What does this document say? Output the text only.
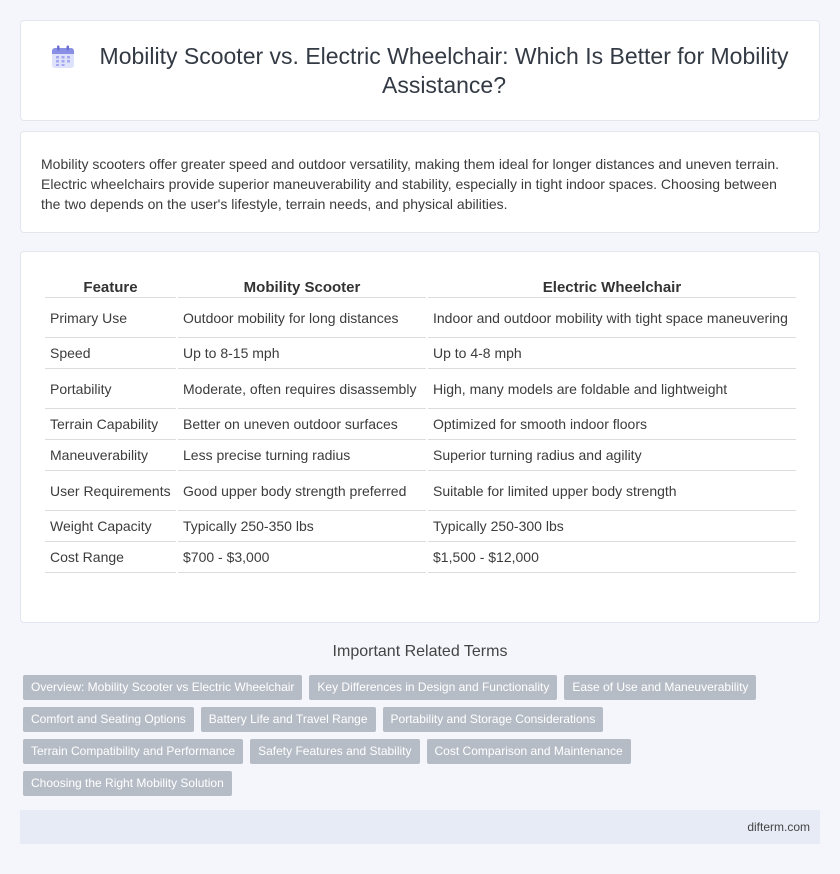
Mobility Scooter vs. Electric Wheelchair: Which Is Better for Mobility Assistance?

Mobility scooters offer greater speed and outdoor versatility, making them ideal for longer distances and uneven terrain. Electric wheelchairs provide superior maneuverability and stability, especially in tight indoor spaces. Choosing between the two depends on the user's lifestyle, terrain needs, and physical abilities.

Feature	Mobility Scooter	Electric Wheelchair
Primary Use	Outdoor mobility for long distances	Indoor and outdoor mobility with tight space maneuvering
Speed	Up to 8-15 mph	Up to 4-8 mph
Portability	Moderate, often requires disassembly	High, many models are foldable and lightweight
Terrain Capability	Better on uneven outdoor surfaces	Optimized for smooth indoor floors
Maneuverability	Less precise turning radius	Superior turning radius and agility
User Requirements	Good upper body strength preferred	Suitable for limited upper body strength
Weight Capacity	Typically 250-350 lbs	Typically 250-300 lbs
Cost Range	$700 - $3,000	$1,500 - $12,000
Important Related Terms
Overview: Mobility Scooter vs Electric Wheelchair	Key Differences in Design and Functionality	Ease of Use and Maneuverability
Comfort and Seating Options	Battery Life and Travel Range	Portability and Storage Considerations
Terrain Compatibility and Performance	Safety Features and Stability	Cost Comparison and Maintenance
Choosing the Right Mobility Solution
difterm.com
